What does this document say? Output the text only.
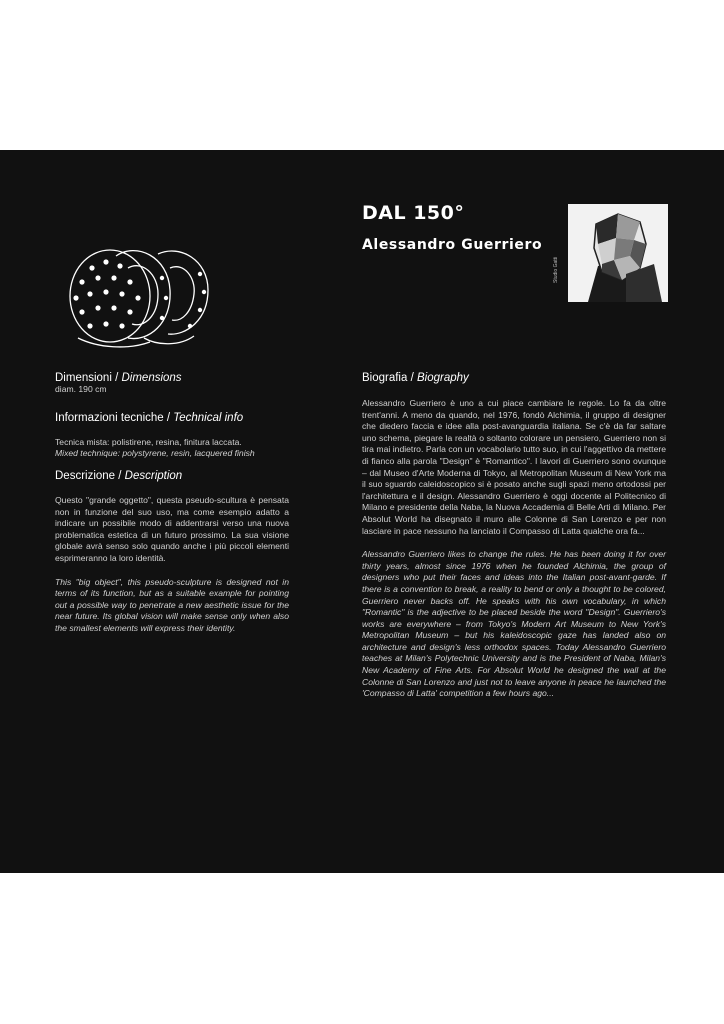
DAL 150°
Alessandro Guerriero
Studio Gatti
Dimensioni / Dimensions

diam. 190 cm

Informazioni tecniche / Technical info

Tecnica mista: polistirene, resina, finitura laccata.

Mixed technique: polystyrene, resin, lacquered finish

Descrizione / Description

Questo "grande oggetto", questa pseudo-scultura è pensata non in funzione del suo uso, ma come esempio adatto a indicare un possibile modo di addentrarsi verso una nuova problematica estetica di un futuro prossimo. La sua visione globale avrà senso solo quando anche i più piccoli elementi esprimeranno la loro identità.

This "big object", this pseudo-sculpture is designed not in terms of its function, but as a suitable example for pointing out a possible way to penetrate a new aesthetic issue for the near future. Its global vision will make sense only when also the smallest elements will express their identity.

Biografia / Biography

Alessandro Guerriero è uno a cui piace cambiare le regole. Lo fa da oltre trent'anni. A meno da quando, nel 1976, fondò Alchimia, il gruppo di designer che diedero faccia e idee alla post-avanguardia italiana. Se c'è da far saltare uno schema, piegare la realtà o soltanto colorare un pensiero, Guerriero non si tira mai indietro. Parla con un vocabolario tutto suo, in cui l'aggettivo da mettere di fianco alla parola "Design" è "Romantico". I lavori di Guerriero sono ovunque – dal Museo d'Arte Moderna di Tokyo, al Metropolitan Museum di New York ma il suo sguardo caleidoscopico si è posato anche sugli spazi meno ortodossi per l'architettura e il design. Alessandro Guerriero è oggi docente al Politecnico di Milano e presidente della Naba, la Nuova Accademia di Belle Arti di Milano. Per Absolut World ha disegnato il muro alle Colonne di San Lorenzo e per non lasciare in pace nessuno ha lanciato il Compasso di Latta qualche ora fa...

Alessandro Guerriero likes to change the rules. He has been doing it for over thirty years, almost since 1976 when he founded Alchimia, the group of designers who put their faces and ideas into the Italian post-avant-garde. If there is a convention to break, a reality to bend or only a thought to be colored, Guerriero never backs off. He speaks with his own vocabulary, in which "Romantic" is the adjective to be placed beside the word "Design". Guerriero's works are everywhere – from Tokyo's Modern Art Museum to New York's Metropolitan Museum – but his kaleidoscopic gaze has landed also on architecture and design's less orthodox spaces. Today Alessandro Guerriero teaches at Milan's Polytechnic University and is the President of Naba, Milan's New Academy of Fine Arts. For Absolut World he designed the wall at the Colonne di San Lorenzo and just not to leave anyone in peace he launched the 'Compasso di Latta' competition a few hours ago...
